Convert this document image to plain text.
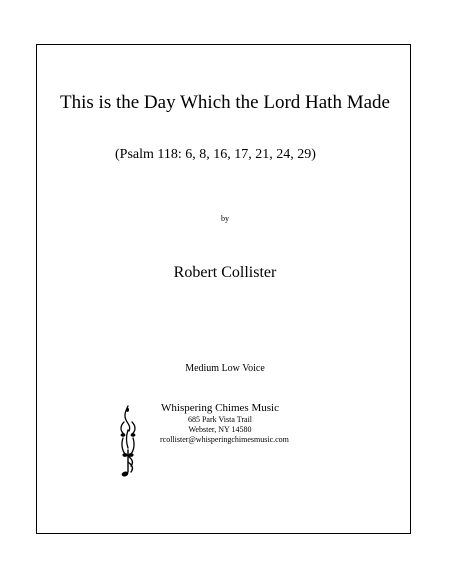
This is the Day Which the Lord Hath Made
(Psalm 118: 6, 8, 16, 17, 21, 24, 29)
by
Robert Collister
Medium Low Voice
Whispering Chimes Music
685 Park Vista Trail
Webster, NY 14580
rcollister@whisperingchimesmusic.com
